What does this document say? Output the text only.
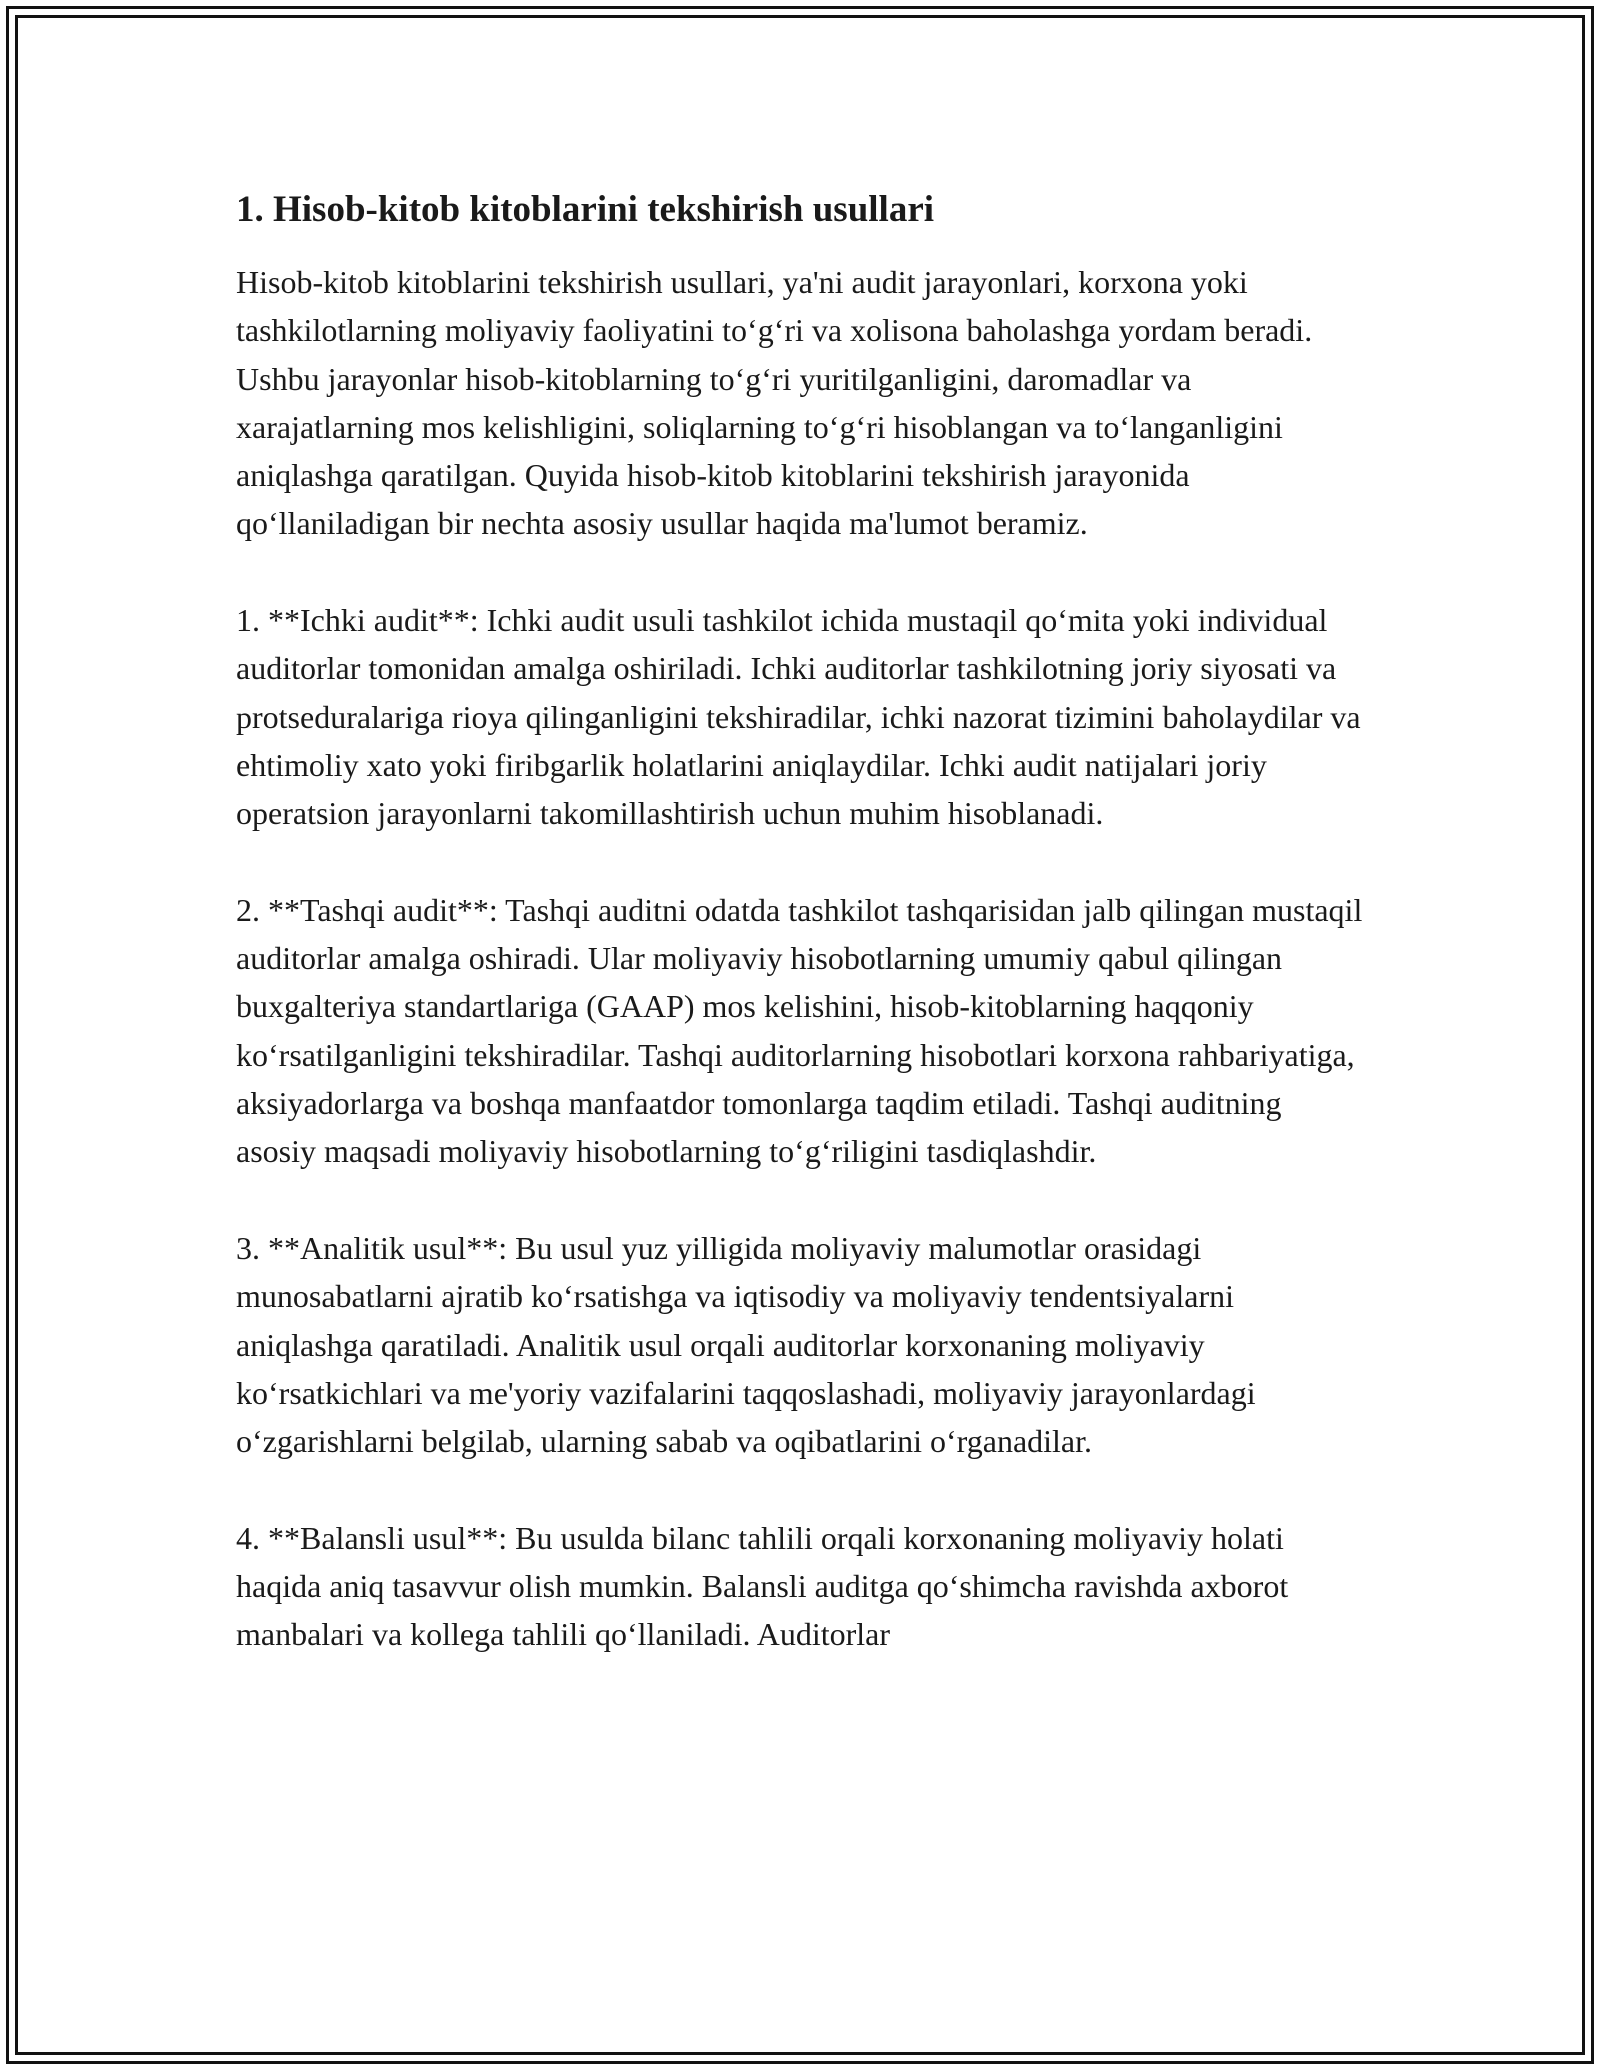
1. Hisob-kitob kitoblarini tekshirish usullari

Hisob-kitob kitoblarini tekshirish usullari, ya'ni audit jarayonlari, korxona yoki tashkilotlarning moliyaviy faoliyatini to‘g‘ri va xolisona baholashga yordam beradi. Ushbu jarayonlar hisob-kitoblarning to‘g‘ri yuritilganligini, daromadlar va xarajatlarning mos kelishligini, soliqlarning to‘g‘ri hisoblangan va to‘langanligini aniqlashga qaratilgan. Quyida hisob-kitob kitoblarini tekshirish jarayonida qo‘llaniladigan bir nechta asosiy usullar haqida ma'lumot beramiz.

1. **Ichki audit**: Ichki audit usuli tashkilot ichida mustaqil qo‘mita yoki individual auditorlar tomonidan amalga oshiriladi. Ichki auditorlar tashkilotning joriy siyosati va protseduralariga rioya qilinganligini tekshiradilar, ichki nazorat tizimini baholaydilar va ehtimoliy xato yoki firibgarlik holatlarini aniqlaydilar. Ichki audit natijalari joriy operatsion jarayonlarni takomillashtirish uchun muhim hisoblanadi.

2. **Tashqi audit**: Tashqi auditni odatda tashkilot tashqarisidan jalb qilingan mustaqil auditorlar amalga oshiradi. Ular moliyaviy hisobotlarning umumiy qabul qilingan buxgalteriya standartlariga (GAAP) mos kelishini, hisob-kitoblarning haqqoniy ko‘rsatilganligini tekshiradilar. Tashqi auditorlarning hisobotlari korxona rahbariyatiga, aksiyadorlarga va boshqa manfaatdor tomonlarga taqdim etiladi. Tashqi auditning asosiy maqsadi moliyaviy hisobotlarning to‘g‘riligini tasdiqlashdir.

3. **Analitik usul**: Bu usul yuz yilligida moliyaviy malumotlar orasidagi munosabatlarni ajratib ko‘rsatishga va iqtisodiy va moliyaviy tendentsiyalarni aniqlashga qaratiladi. Analitik usul orqali auditorlar korxonaning moliyaviy ko‘rsatkichlari va me'yoriy vazifalarini taqqoslashadi, moliyaviy jarayonlardagi o‘zgarishlarni belgilab, ularning sabab va oqibatlarini o‘rganadilar.

4. **Balansli usul**: Bu usulda bilanc tahlili orqali korxonaning moliyaviy holati haqida aniq tasavvur olish mumkin. Balansli auditga qo‘shimcha ravishda axborot manbalari va kollega tahlili qo‘llaniladi. Auditorlar
